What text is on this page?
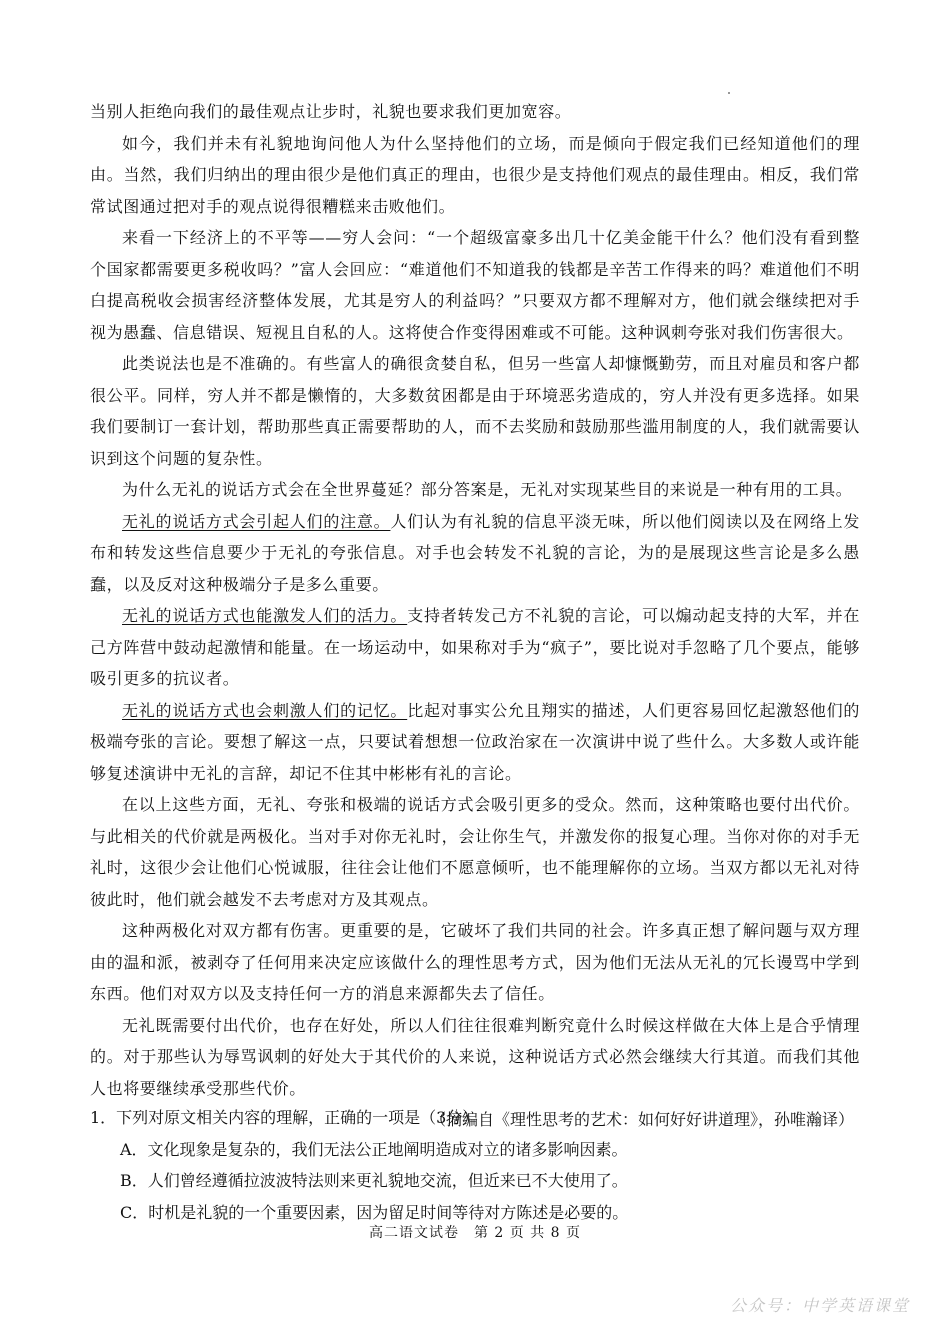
当别人拒绝向我们的最佳观点让步时，礼貌也要求我们更加宽容。

如今，我们并未有礼貌地询问他人为什么坚持他们的立场，而是倾向于假定我们已经知道他们的理由。当然，我们归纳出的理由很少是他们真正的理由，也很少是支持他们观点的最佳理由。相反，我们常常试图通过把对手的观点说得很糟糕来击败他们。

来看一下经济上的不平等——穷人会问：“一个超级富豪多出几十亿美金能干什么？他们没有看到整个国家都需要更多税收吗？”富人会回应：“难道他们不知道我的钱都是辛苦工作得来的吗？难道他们不明白提高税收会损害经济整体发展，尤其是穷人的利益吗？”只要双方都不理解对方，他们就会继续把对手视为愚蠢、信息错误、短视且自私的人。这将使合作变得困难或不可能。这种讽刺夸张对我们伤害很大。

此类说法也是不准确的。有些富人的确很贪婪自私，但另一些富人却慷慨勤劳，而且对雇员和客户都很公平。同样，穷人并不都是懒惰的，大多数贫困都是由于环境恶劣造成的，穷人并没有更多选择。如果我们要制订一套计划，帮助那些真正需要帮助的人，而不去奖励和鼓励那些滥用制度的人，我们就需要认识到这个问题的复杂性。

为什么无礼的说话方式会在全世界蔓延？部分答案是，无礼对实现某些目的来说是一种有用的工具。

无礼的说话方式会引起人们的注意。人们认为有礼貌的信息平淡无味，所以他们阅读以及在网络上发布和转发这些信息要少于无礼的夸张信息。对手也会转发不礼貌的言论，为的是展现这些言论是多么愚蠢，以及反对这种极端分子是多么重要。

无礼的说话方式也能激发人们的活力。支持者转发己方不礼貌的言论，可以煽动起支持的大军，并在己方阵营中鼓动起激情和能量。在一场运动中，如果称对手为“疯子”，要比说对手忽略了几个要点，能够吸引更多的抗议者。

无礼的说话方式也会刺激人们的记忆。比起对事实公允且翔实的描述，人们更容易回忆起激怒他们的极端夸张的言论。要想了解这一点，只要试着想想一位政治家在一次演讲中说了些什么。大多数人或许能够复述演讲中无礼的言辞，却记不住其中彬彬有礼的言论。

在以上这些方面，无礼、夸张和极端的说话方式会吸引更多的受众。然而，这种策略也要付出代价。与此相关的代价就是两极化。当对手对你无礼时，会让你生气，并激发你的报复心理。当你对你的对手无礼时，这很少会让他们心悦诚服，往往会让他们不愿意倾听，也不能理解你的立场。当双方都以无礼对待彼此时，他们就会越发不去考虑对方及其观点。

这种两极化对双方都有伤害。更重要的是，它破坏了我们共同的社会。许多真正想了解问题与双方理由的温和派，被剥夺了任何用来决定应该做什么的理性思考方式，因为他们无法从无礼的冗长谩骂中学到东西。他们对双方以及支持任何一方的消息来源都失去了信任。

无礼既需要付出代价，也存在好处，所以人们往往很难判断究竟什么时候这样做在大体上是合乎情理的。对于那些认为辱骂讽刺的好处大于其代价的人来说，这种说话方式必然会继续大行其道。而我们其他人也将要继续承受那些代价。

（摘编自《理性思考的艺术：如何好好讲道理》，孙唯瀚译）

1．下列对原文相关内容的理解，正确的一项是（3分）

A．文化现象是复杂的，我们无法公正地阐明造成对立的诸多影响因素。

B．人们曾经遵循拉波波特法则来更礼貌地交流，但近来已不大使用了。

C．时机是礼貌的一个重要因素，因为留足时间等待对方陈述是必要的。

高二语文试卷　第 2 页 共 8 页
公众号：中学英语课堂
